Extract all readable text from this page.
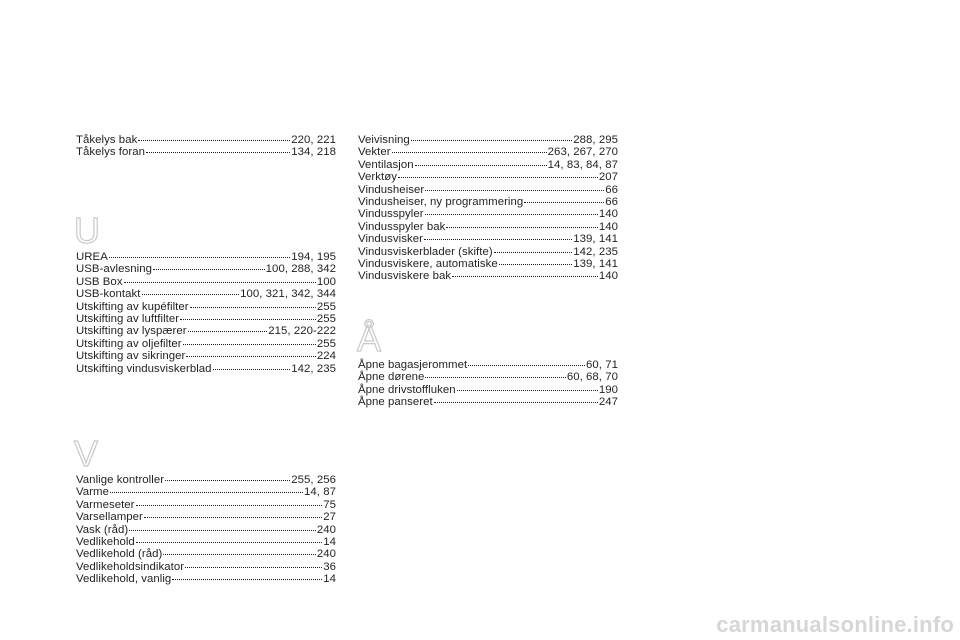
Tåkelys bak	220, 221
Tåkelys foran	134, 218
U
UREA	194, 195
USB-avlesning	100, 288, 342
USB Box	100
USB-kontakt	100, 321, 342, 344
Utskifting av kupéfilter	255
Utskifting av luftfilter	255
Utskifting av lyspærer	215, 220-222
Utskifting av oljefilter	255
Utskifting av sikringer	224
Utskifting vindusviskerblad	142, 235
V
Vanlige kontroller	255, 256
Varme	14, 87
Varmeseter	75
Varsellamper	27
Vask (råd)	240
Vedlikehold	14
Vedlikehold (råd)	240
Vedlikeholdsindikator	36
Vedlikehold, vanlig	14
Veivisning	288, 295
Vekter	263, 267, 270
Ventilasjon	14, 83, 84, 87
Verktøy	207
Vindusheiser	66
Vindusheiser, ny programmering	66
Vindusspyler	140
Vindusspyler bak	140
Vindusvisker	139, 141
Vindusviskerblader (skifte)	142, 235
Vindusviskere, automatiske	139, 141
Vindusviskere bak	140
Å
Åpne bagasjerommet	60, 71
Åpne dørene	60, 68, 70
Åpne drivstoffluken	190
Åpne panseret	247
carmanualsonline.info
